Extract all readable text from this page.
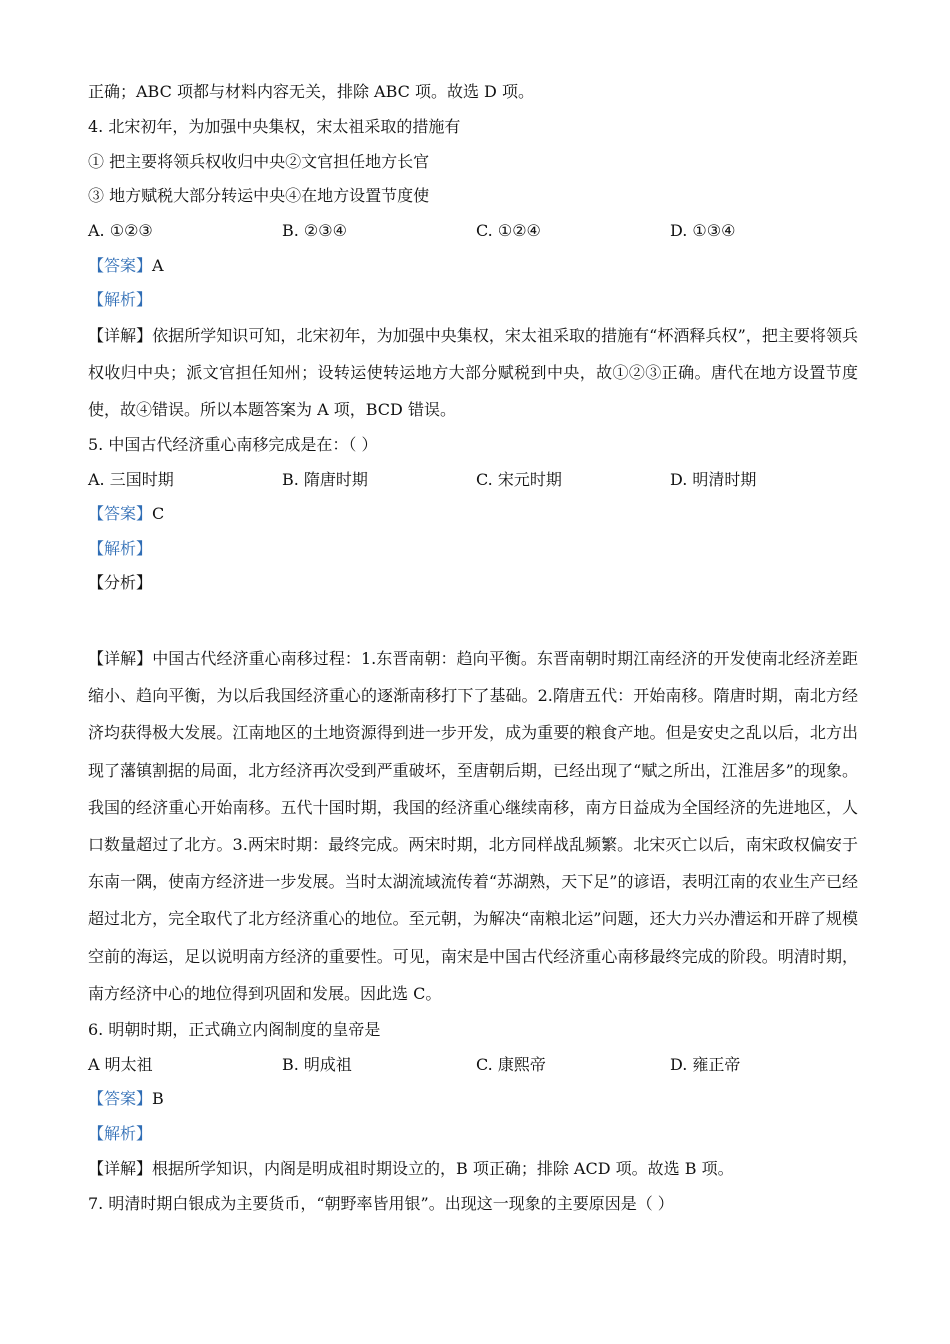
正确；ABC 项都与材料内容无关，排除 ABC 项。故选 D 项。
4. 北宋初年，为加强中央集权，宋太祖采取的措施有
① 把主要将领兵权收归中央②文官担任地方长官
③ 地方赋税大部分转运中央④在地方设置节度使
A. ①②③	B. ②③④	C. ①②④	D. ①③④
【答案】A
【解析】
【详解】依据所学知识可知，北宋初年，为加强中央集权，宋太祖采取的措施有“杯酒释兵权”，把主要将领兵权收归中央；派文官担任知州；设转运使转运地方大部分赋税到中央，故①②③正确。唐代在地方设置节度使，故④错误。所以本题答案为 A 项，BCD 错误。
5. 中国古代经济重心南移完成是在：（ ）
A. 三国时期	B. 隋唐时期	C. 宋元时期	D. 明清时期
【答案】C
【解析】
【分析】
【详解】中国古代经济重心南移过程：1.东晋南朝：趋向平衡。东晋南朝时期江南经济的开发使南北经济差距缩小、趋向平衡，为以后我国经济重心的逐渐南移打下了基础。2.隋唐五代：开始南移。隋唐时期，南北方经济均获得极大发展。江南地区的土地资源得到进一步开发，成为重要的粮食产地。但是安史之乱以后，北方出现了藩镇割据的局面，北方经济再次受到严重破坏，至唐朝后期，已经出现了“赋之所出，江淮居多”的现象。我国的经济重心开始南移。五代十国时期，我国的经济重心继续南移，南方日益成为全国经济的先进地区，人口数量超过了北方。3.两宋时期：最终完成。两宋时期，北方同样战乱频繁。北宋灭亡以后，南宋政权偏安于东南一隅，使南方经济进一步发展。当时太湖流域流传着“苏湖熟，天下足”的谚语，表明江南的农业生产已经超过北方，完全取代了北方经济重心的地位。至元朝，为解决“南粮北运”问题，还大力兴办漕运和开辟了规模空前的海运，足以说明南方经济的重要性。可见，南宋是中国古代经济重心南移最终完成的阶段。明清时期，南方经济中心的地位得到巩固和发展。因此选 C。
6. 明朝时期，正式确立内阁制度的皇帝是
A 明太祖	B. 明成祖	C. 康熙帝	D. 雍正帝
【答案】B
【解析】
【详解】根据所学知识，内阁是明成祖时期设立的，B 项正确；排除 ACD 项。故选 B 项。
7. 明清时期白银成为主要货币，“朝野率皆用银”。出现这一现象的主要原因是（ ）
